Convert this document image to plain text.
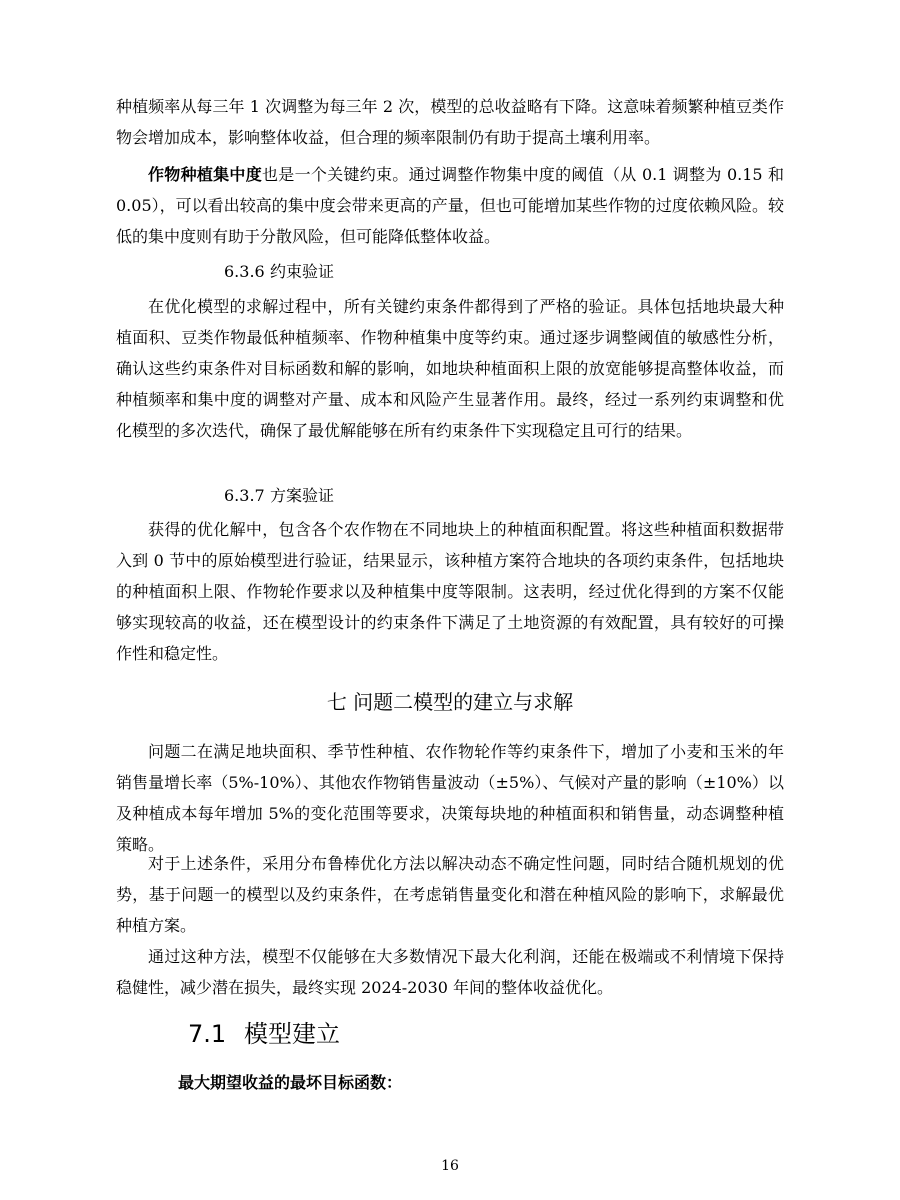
种植频率从每三年 1 次调整为每三年 2 次，模型的总收益略有下降。这意味着频繁种植豆类作物会增加成本，影响整体收益，但合理的频率限制仍有助于提高土壤利用率。

作物种植集中度也是一个关键约束。通过调整作物集中度的阈值（从 0.1 调整为 0.15 和 0.05），可以看出较高的集中度会带来更高的产量，但也可能增加某些作物的过度依赖风险。较低的集中度则有助于分散风险，但可能降低整体收益。

6.3.6 约束验证

在优化模型的求解过程中，所有关键约束条件都得到了严格的验证。具体包括地块最大种植面积、豆类作物最低种植频率、作物种植集中度等约束。通过逐步调整阈值的敏感性分析，确认这些约束条件对目标函数和解的影响，如地块种植面积上限的放宽能够提高整体收益，而种植频率和集中度的调整对产量、成本和风险产生显著作用。最终，经过一系列约束调整和优化模型的多次迭代，确保了最优解能够在所有约束条件下实现稳定且可行的结果。

6.3.7 方案验证

获得的优化解中，包含各个农作物在不同地块上的种植面积配置。将这些种植面积数据带入到 0 节中的原始模型进行验证，结果显示，该种植方案符合地块的各项约束条件，包括地块的种植面积上限、作物轮作要求以及种植集中度等限制。这表明，经过优化得到的方案不仅能够实现较高的收益，还在模型设计的约束条件下满足了土地资源的有效配置，具有较好的可操作性和稳定性。

七 问题二模型的建立与求解

问题二在满足地块面积、季节性种植、农作物轮作等约束条件下，增加了小麦和玉米的年销售量增长率（5%-10%）、其他农作物销售量波动（±5%）、气候对产量的影响（±10%）以及种植成本每年增加 5%的变化范围等要求，决策每块地的种植面积和销售量，动态调整种植策略。

对于上述条件，采用分布鲁棒优化方法以解决动态不确定性问题，同时结合随机规划的优势，基于问题一的模型以及约束条件，在考虑销售量变化和潜在种植风险的影响下，求解最优种植方案。

通过这种方法，模型不仅能够在大多数情况下最大化利润，还能在极端或不利情境下保持稳健性，减少潜在损失，最终实现 2024-2030 年间的整体收益优化。

7.1 模型建立

最大期望收益的最坏目标函数：

16
